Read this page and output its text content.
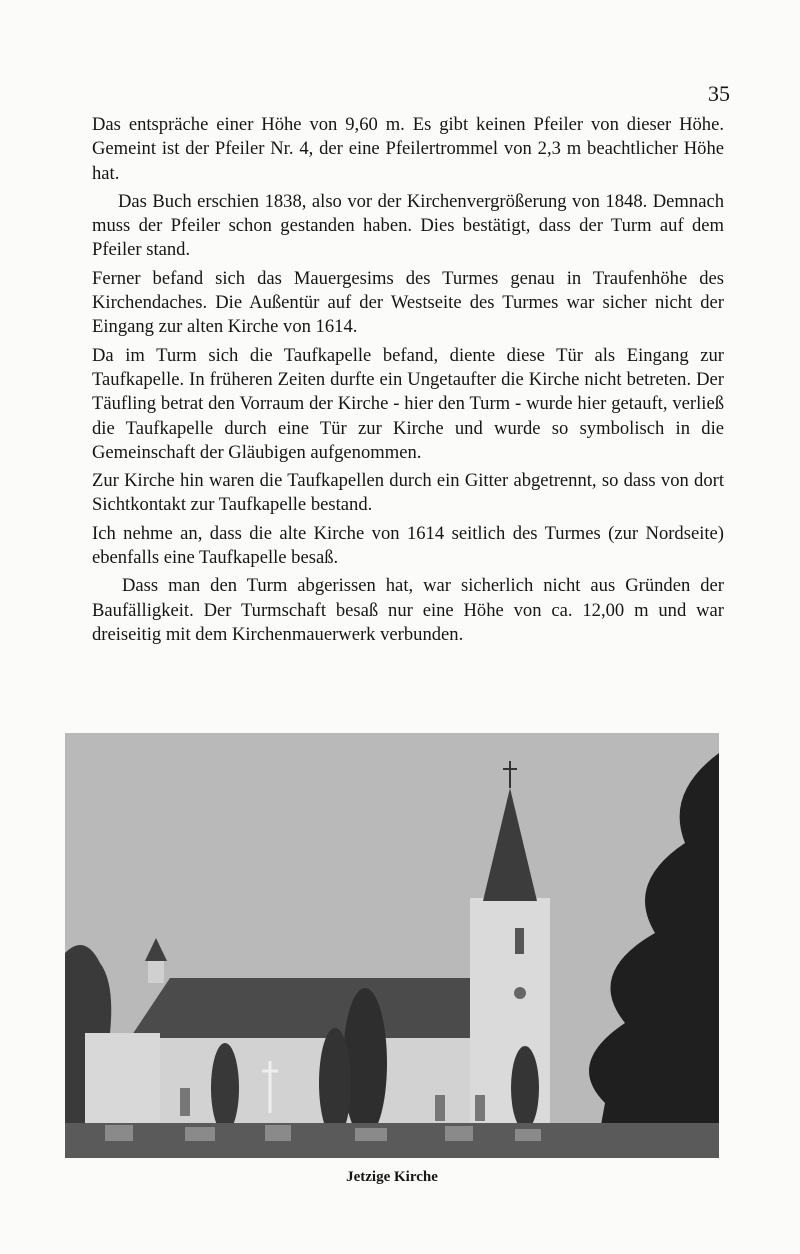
35

Das entspräche einer Höhe von 9,60 m. Es gibt keinen Pfeiler von dieser Höhe. Gemeint ist der Pfeiler Nr. 4, der eine Pfeilertrommel von 2,3 m beachtlicher Höhe hat.

Das Buch erschien 1838, also vor der Kirchenvergrößerung von 1848. Demnach muss der Pfeiler schon gestanden haben. Dies bestätigt, dass der Turm auf dem Pfeiler stand.

Ferner befand sich das Mauergesims des Turmes genau in Traufenhöhe des Kirchendaches. Die Außentür auf der Westseite des Turmes war sicher nicht der Eingang zur alten Kirche von 1614.

Da im Turm sich die Taufkapelle befand, diente diese Tür als Eingang zur Taufkapelle. In früheren Zeiten durfte ein Ungetaufter die Kirche nicht betreten. Der Täufling betrat den Vorraum der Kirche - hier den Turm - wurde hier getauft, verließ die Taufkapelle durch eine Tür zur Kirche und wurde so symbolisch in die Gemeinschaft der Gläubigen aufgenommen.

Zur Kirche hin waren die Taufkapellen durch ein Gitter abgetrennt, so dass von dort Sichtkontakt zur Taufkapelle bestand.

Ich nehme an, dass die alte Kirche von 1614 seitlich des Turmes (zur Nordseite) ebenfalls eine Taufkapelle besaß.

Dass man den Turm abgerissen hat, war sicherlich nicht aus Gründen der Baufälligkeit. Der Turmschaft besaß nur eine Höhe von ca. 12,00 m und war dreiseitig mit dem Kirchenmauerwerk verbunden.

Jetzige Kirche
